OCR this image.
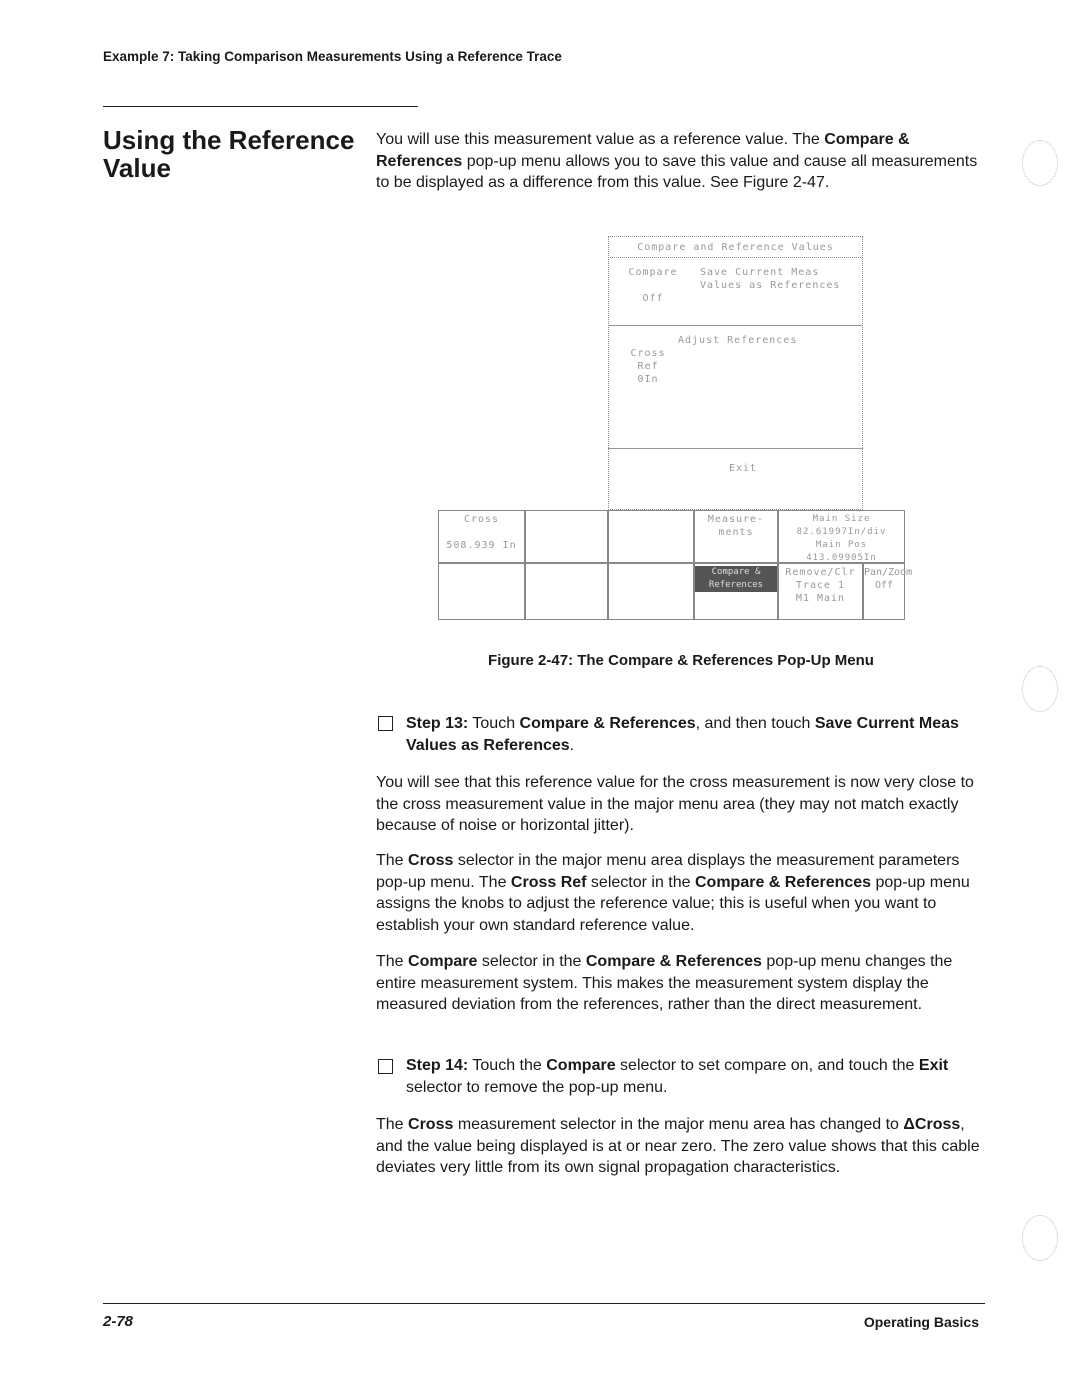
Example 7: Taking Comparison Measurements Using a Reference Trace
Using the Reference Value
You will use this measurement value as a reference value. The Compare & References pop-up menu allows you to save this value and cause all measurements to be displayed as a difference from this value. See Figure 2-47.
Compare and Reference Values
Compare

Off
Save Current Meas Values as References
Adjust References
Cross Ref
0In
Exit
Cross

508.939 In
Measure-ments
Main Size
82.61997In/div
Main Pos
413.09905In
Compare & References
Remove/Clr Trace 1
M1 Main
Pan/Zoom
Off
Figure 2-47: The Compare & References Pop-Up Menu
Step 13: Touch Compare & References, and then touch Save Current Meas Values as References.
You will see that this reference value for the cross measurement is now very close to the cross measurement value in the major menu area (they may not match exactly because of noise or horizontal jitter).
The Cross selector in the major menu area displays the measurement parameters pop-up menu. The Cross Ref selector in the Compare & References pop-up menu assigns the knobs to adjust the reference value; this is useful when you want to establish your own standard reference value.
The Compare selector in the Compare & References pop-up menu changes the entire measurement system. This makes the measurement system display the measured deviation from the references, rather than the direct measurement.
Step 14: Touch the Compare selector to set compare on, and touch the Exit selector to remove the pop-up menu.
The Cross measurement selector in the major menu area has changed to ΔCross, and the value being displayed is at or near zero. The zero value shows that this cable deviates very little from its own signal propagation characteristics.
2-78	Operating Basics
